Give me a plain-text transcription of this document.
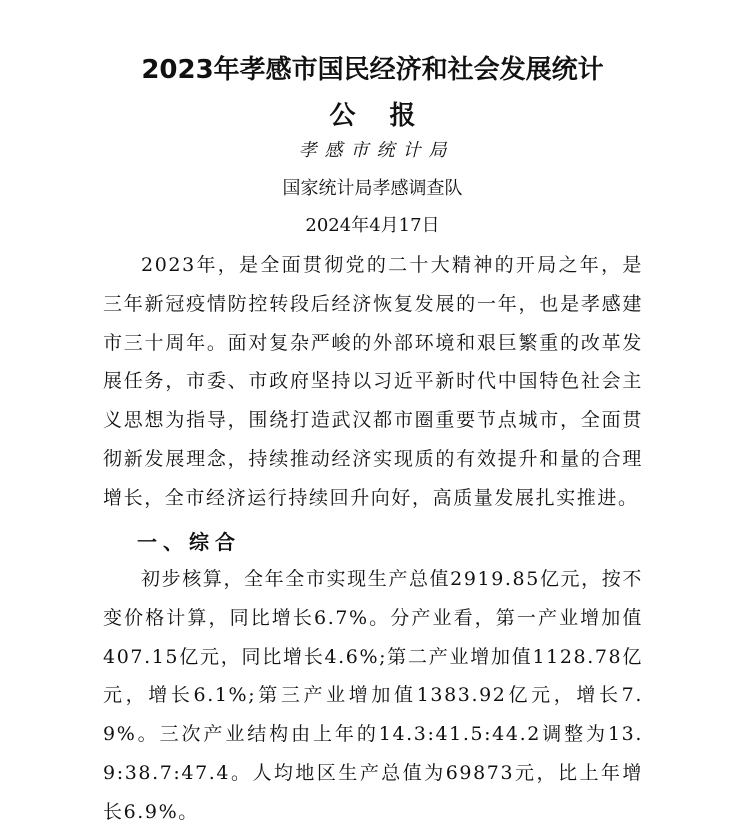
2023年孝感市国民经济和社会发展统计
公报
孝感市统计局
国家统计局孝感调查队
2024年4月17日

2023年，是全面贯彻党的二十大精神的开局之年，是三年新冠疫情防控转段后经济恢复发展的一年，也是孝感建市三十周年。面对复杂严峻的外部环境和艰巨繁重的改革发展任务，市委、市政府坚持以习近平新时代中国特色社会主义思想为指导，围绕打造武汉都市圈重要节点城市，全面贯彻新发展理念，持续推动经济实现质的有效提升和量的合理增长，全市经济运行持续回升向好，高质量发展扎实推进。

一、综合

初步核算，全年全市实现生产总值2919.85亿元，按不变价格计算，同比增长6.7%。分产业看，第一产业增加值407.15亿元，同比增长4.6%;第二产业增加值1128.78亿元，增长6.1%;第三产业增加值1383.92亿元，增长7.9%。三次产业结构由上年的14.3:41.5:44.2调整为13.9:38.7:47.4。人均地区生产总值为69873元，比上年增长6.9%。
